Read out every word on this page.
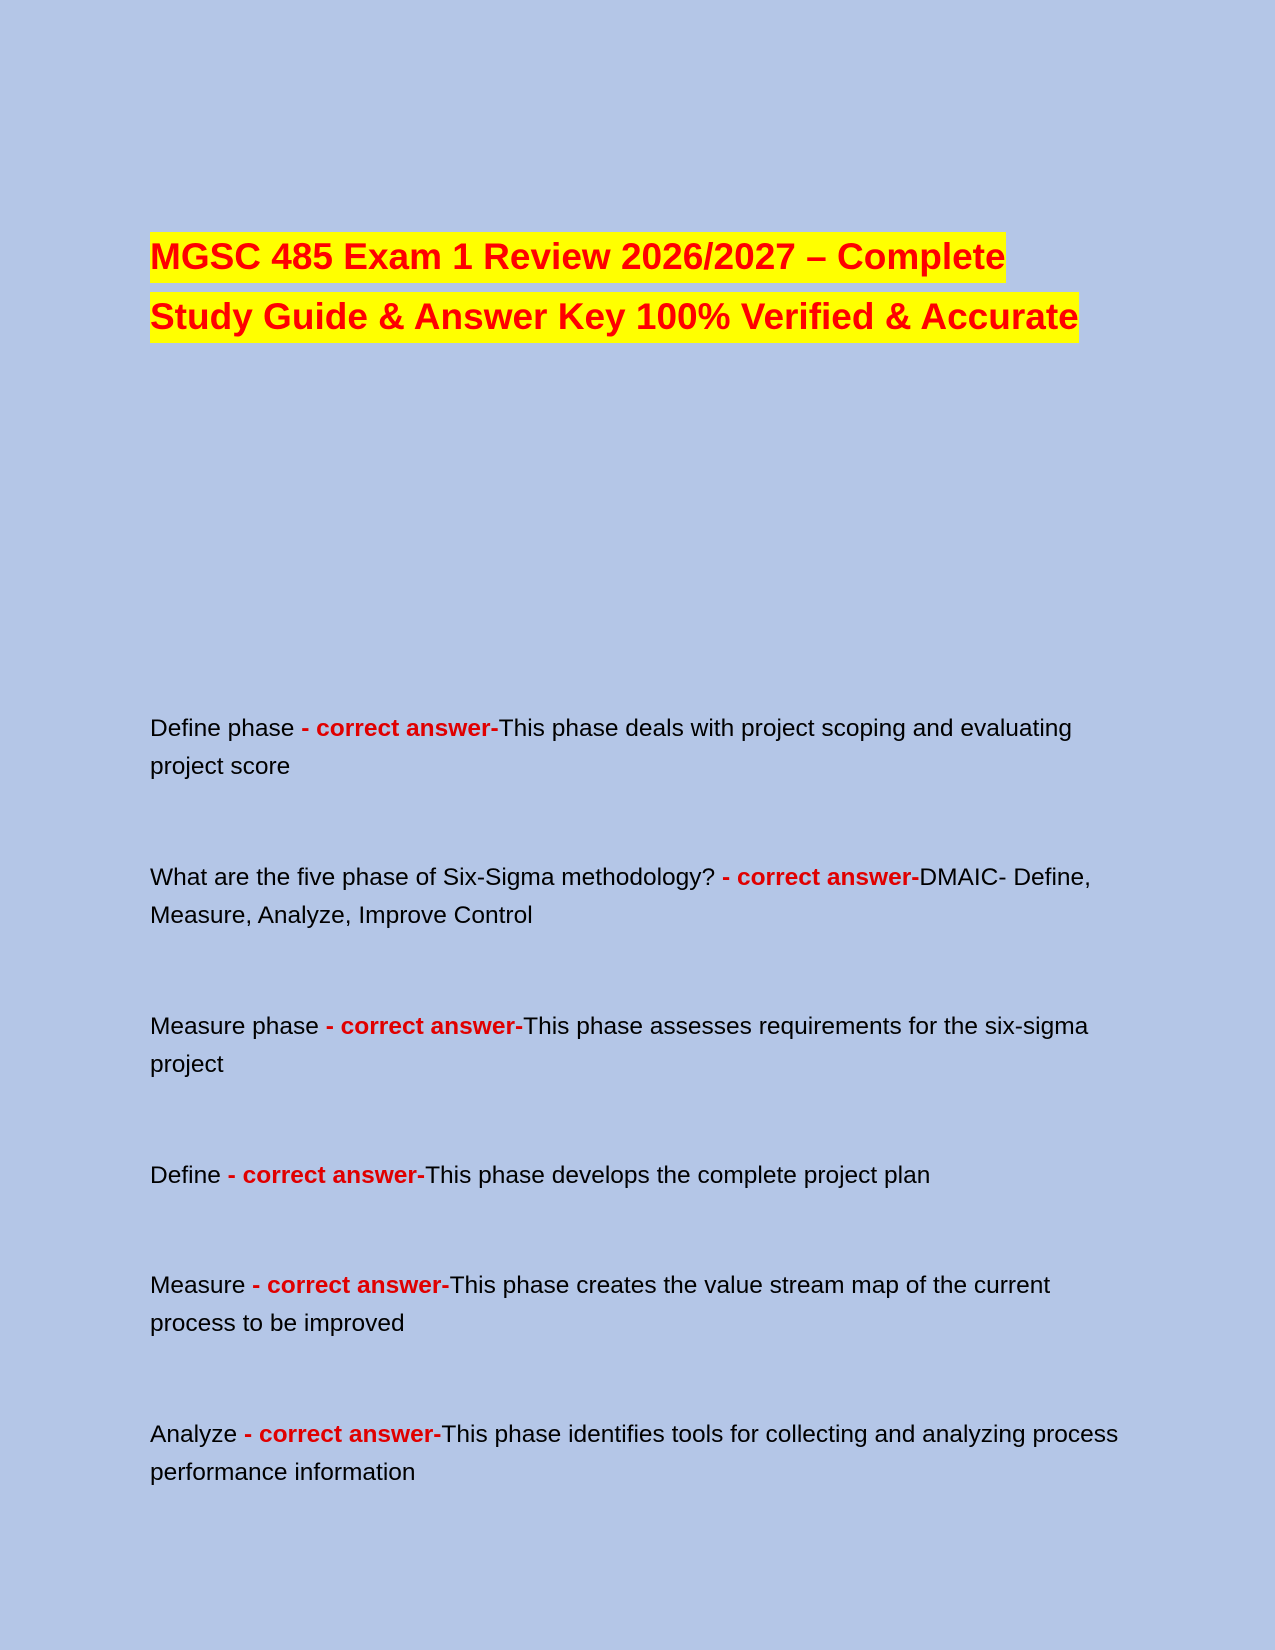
MGSC 485 Exam 1 Review 2026/2027 – Complete Study Guide & Answer Key 100% Verified & Accurate
Define phase - correct answer-This phase deals with project scoping and evaluating project score
What are the five phase of Six-Sigma methodology? - correct answer-DMAIC- Define, Measure, Analyze, Improve Control
Measure phase - correct answer-This phase assesses requirements for the six-sigma project
Define - correct answer-This phase develops the complete project plan
Measure - correct answer-This phase creates the value stream map of the current process to be improved
Analyze - correct answer-This phase identifies tools for collecting and analyzing process performance information
